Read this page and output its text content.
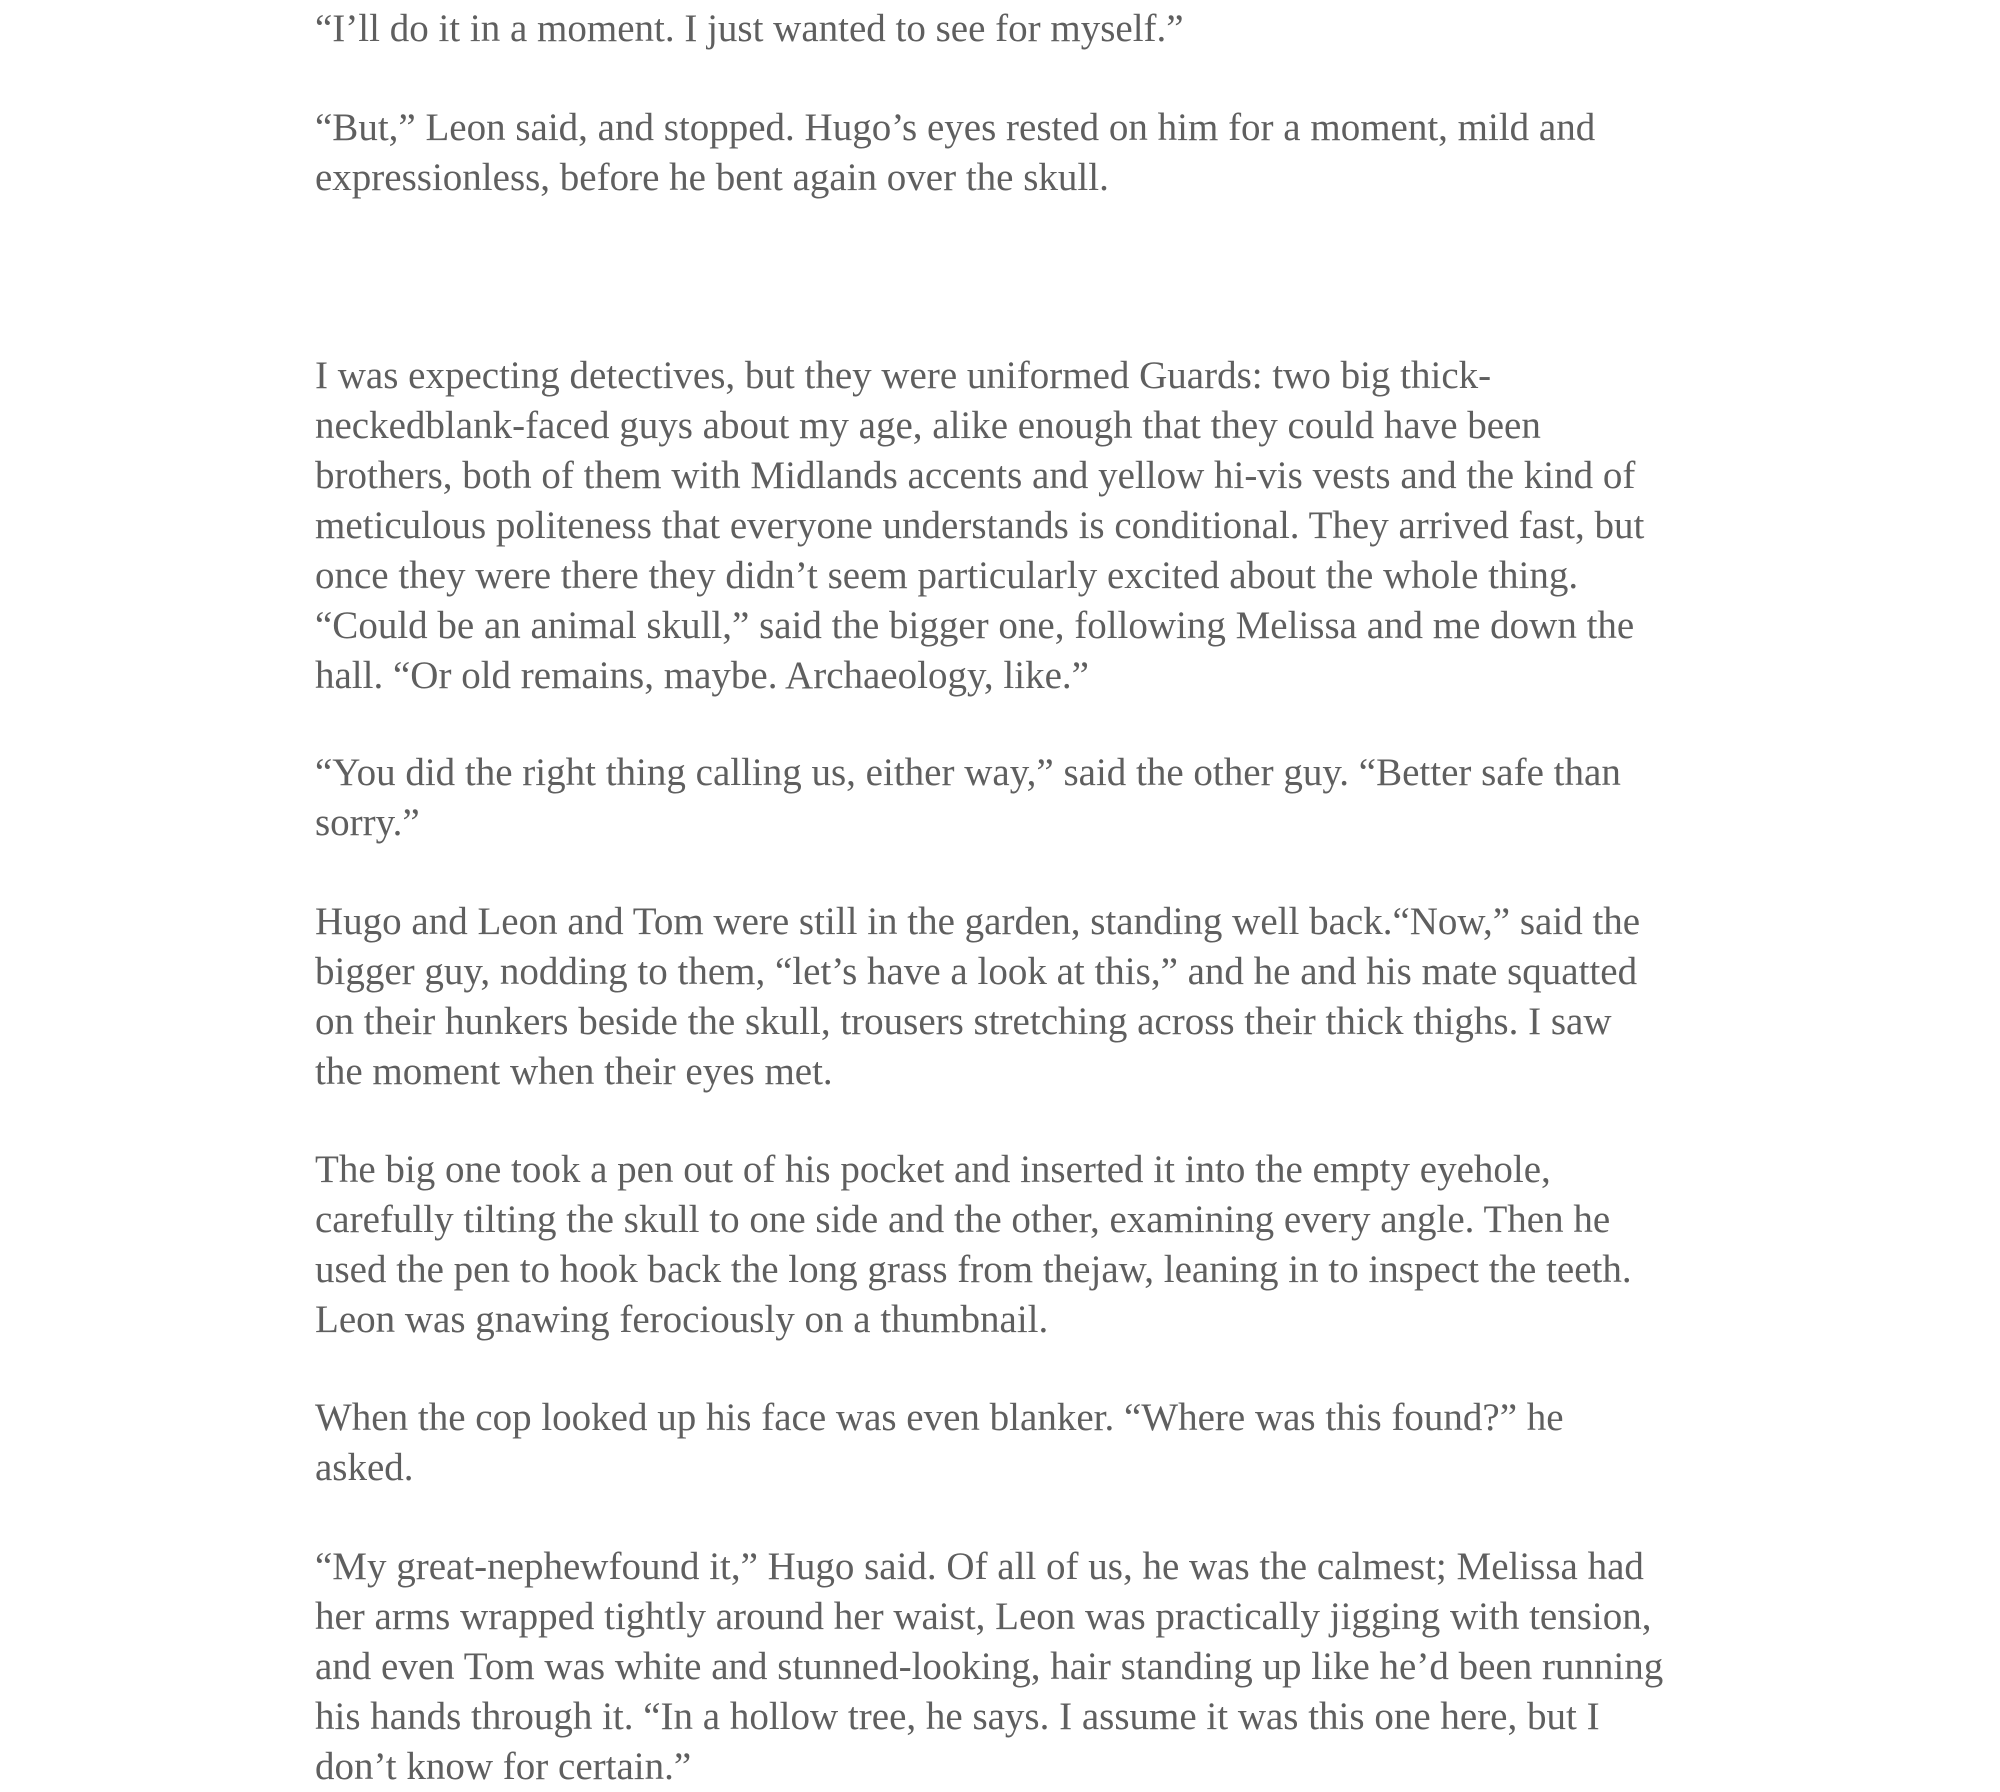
“I’ll do it in a moment. I just wanted to see for myself.”

“But,” Leon said, and stopped. Hugo’s eyes rested on him for a moment, mild and
expressionless, before he bent again over the skull.

I was expecting detectives, but they were uniformed Guards: two big thick-
neckedblank-faced guys about my age, alike enough that they could have been
brothers, both of them with Midlands accents and yellow hi-vis vests and the kind of
meticulous politeness that everyone understands is conditional. They arrived fast, but
once they were there they didn’t seem particularly excited about the whole thing.
“Could be an animal skull,” said the bigger one, following Melissa and me down the
hall. “Or old remains, maybe. Archaeology, like.”

“You did the right thing calling us, either way,” said the other guy. “Better safe than
sorry.”

Hugo and Leon and Tom were still in the garden, standing well back.“Now,” said the
bigger guy, nodding to them, “let’s have a look at this,” and he and his mate squatted
on their hunkers beside the skull, trousers stretching across their thick thighs. I saw
the moment when their eyes met.

The big one took a pen out of his pocket and inserted it into the empty eyehole,
carefully tilting the skull to one side and the other, examining every angle. Then he
used the pen to hook back the long grass from thejaw, leaning in to inspect the teeth.
Leon was gnawing ferociously on a thumbnail.

When the cop looked up his face was even blanker. “Where was this found?” he
asked.

“My great-nephewfound it,” Hugo said. Of all of us, he was the calmest; Melissa had
her arms wrapped tightly around her waist, Leon was practically jigging with tension,
and even Tom was white and stunned-looking, hair standing up like he’d been running
his hands through it. “In a hollow tree, he says. I assume it was this one here, but I
don’t know for certain.”
